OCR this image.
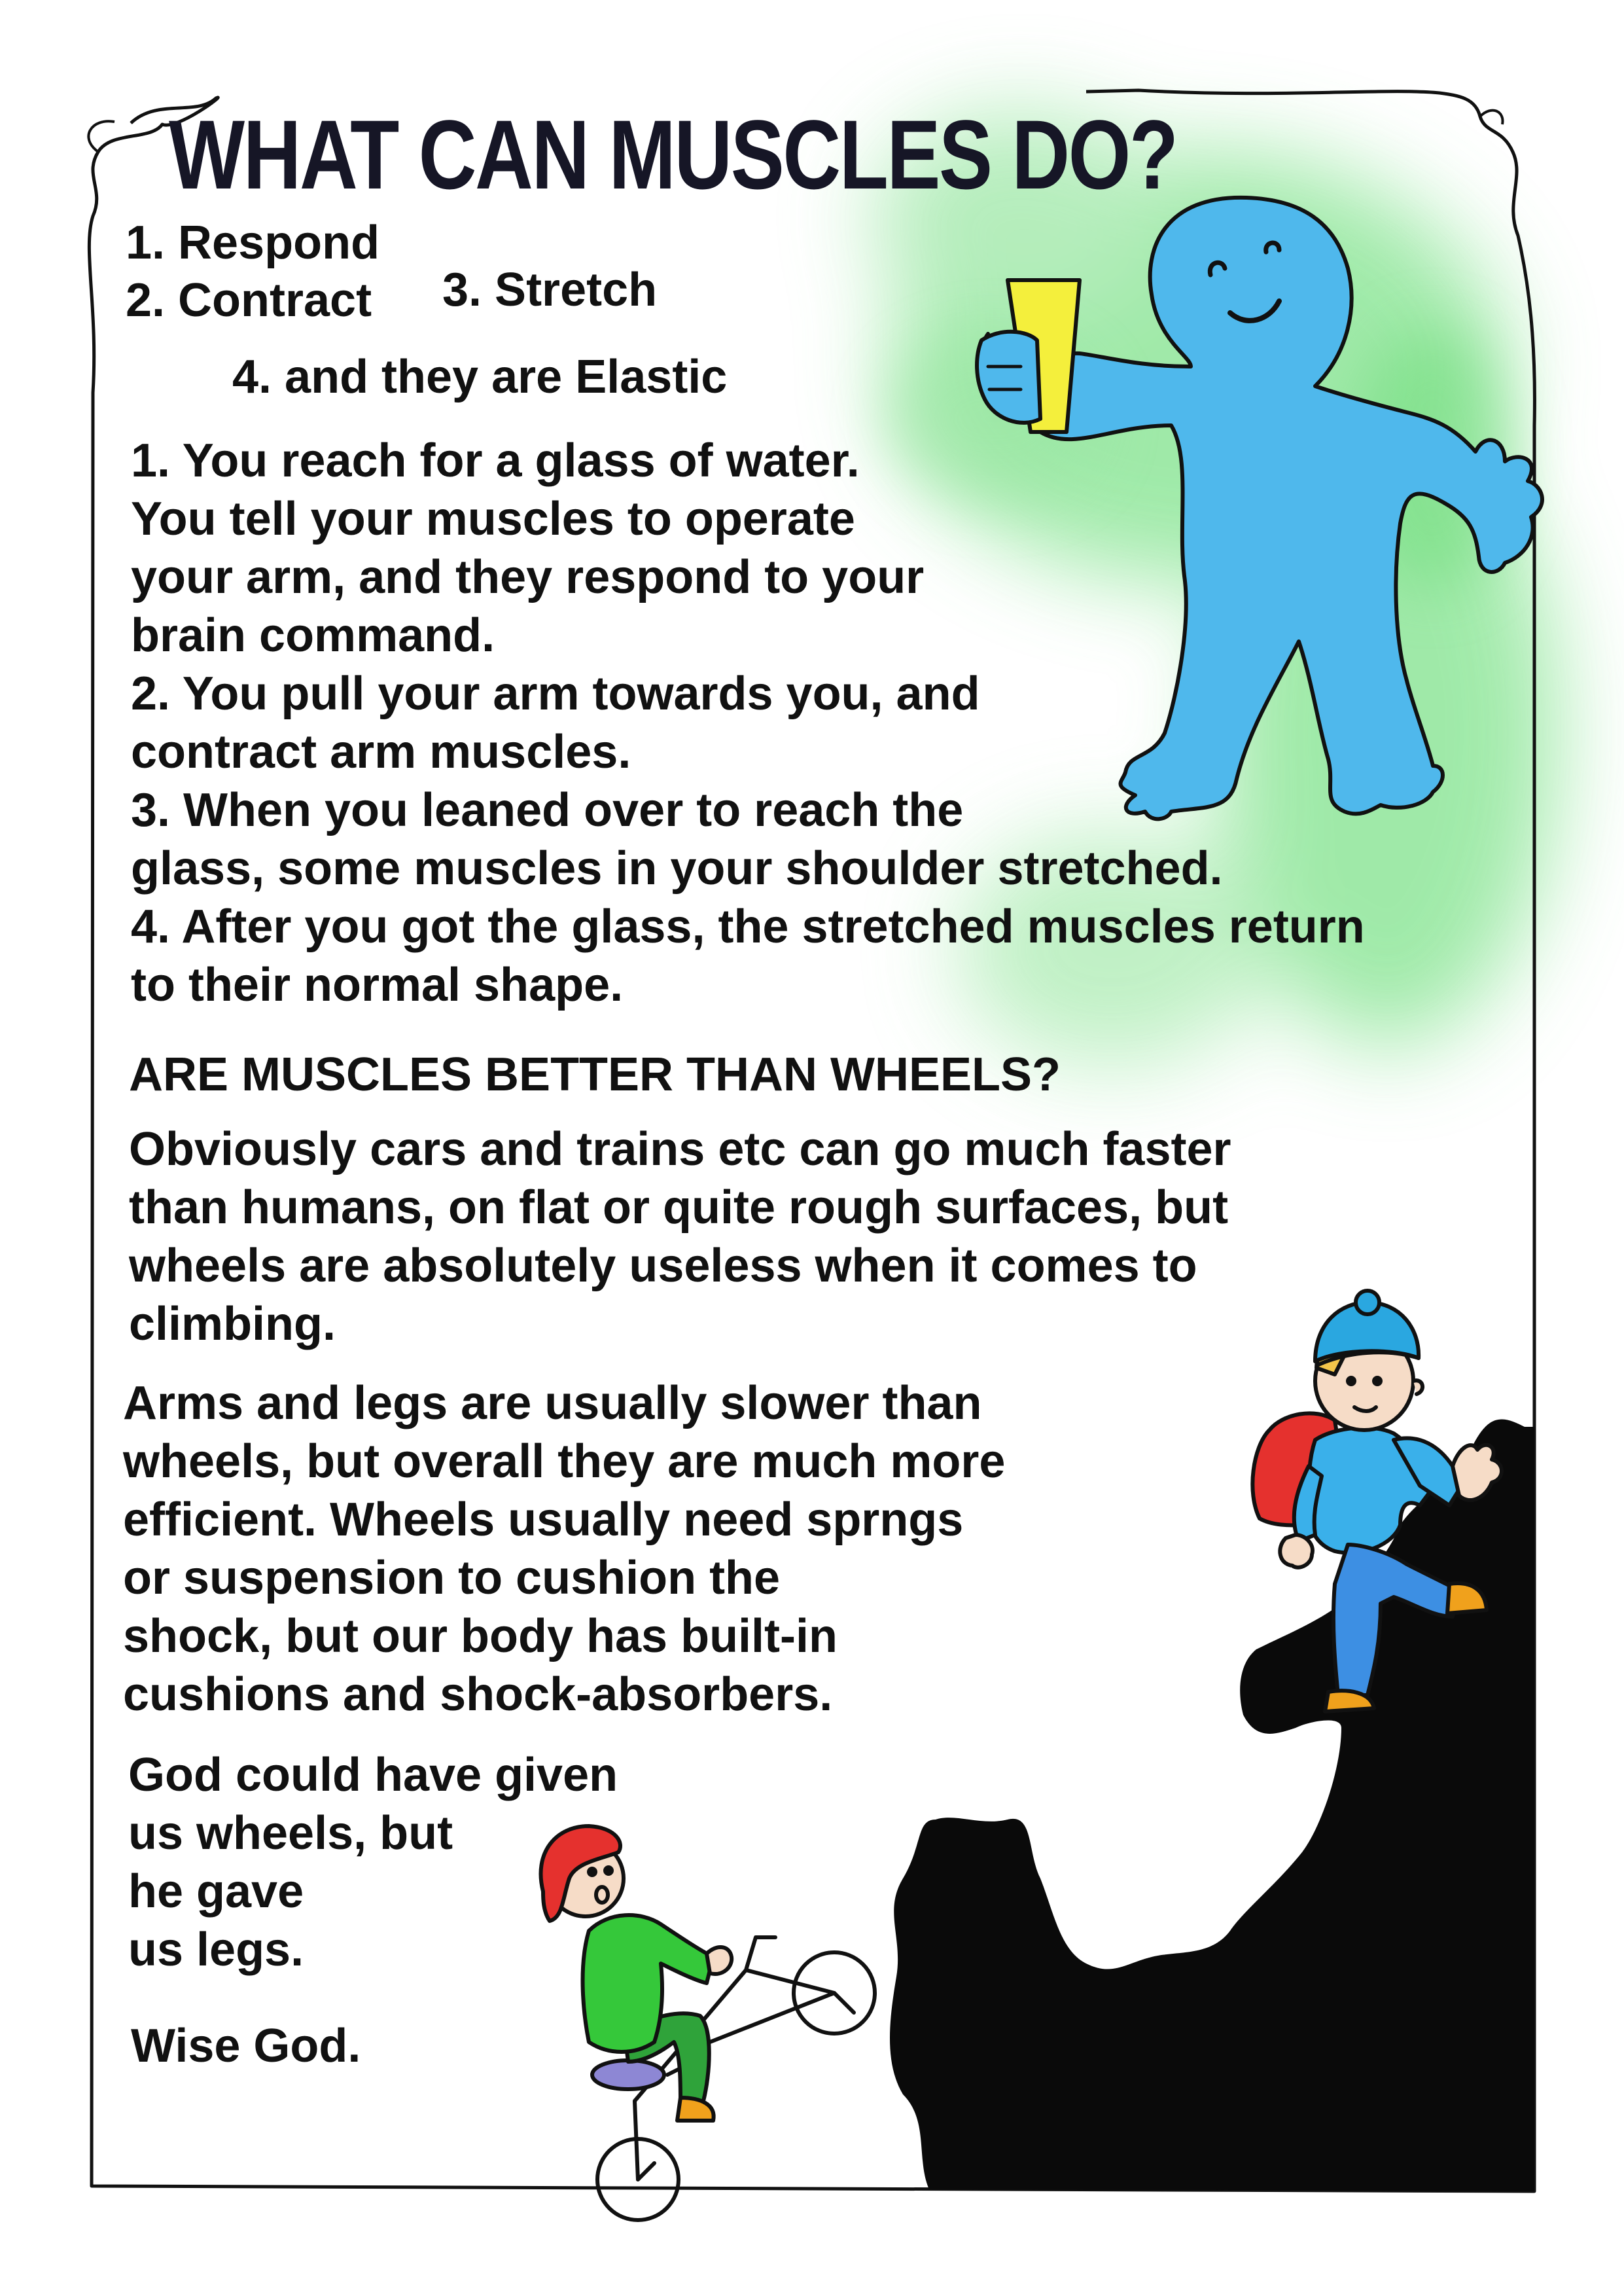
WHAT CAN MUSCLES DO?

1. Respond

2. Contract 3. Stretch

4. and they are Elastic

1. You reach for a glass of water.
You tell your muscles to operate
your arm, and they respond to your
brain command.
2. You pull your arm towards you, and
contract arm muscles.
3. When you leaned over to reach the
glass, some muscles in your shoulder stretched.
4. After you got the glass, the stretched muscles return
to their normal shape.
ARE MUSCLES BETTER THAN WHEELS?
Obviously cars and trains etc can go much faster
than humans, on flat or quite rough surfaces, but
wheels are absolutely useless when it comes to
climbing.
Arms and legs are usually slower than
wheels, but overall they are much more
efficient. Wheels usually need sprngs
or suspension to cushion the
shock, but our body has built-in
cushions and shock-absorbers.
God could have given
us wheels, but
he gave
us legs.

Wise God.
